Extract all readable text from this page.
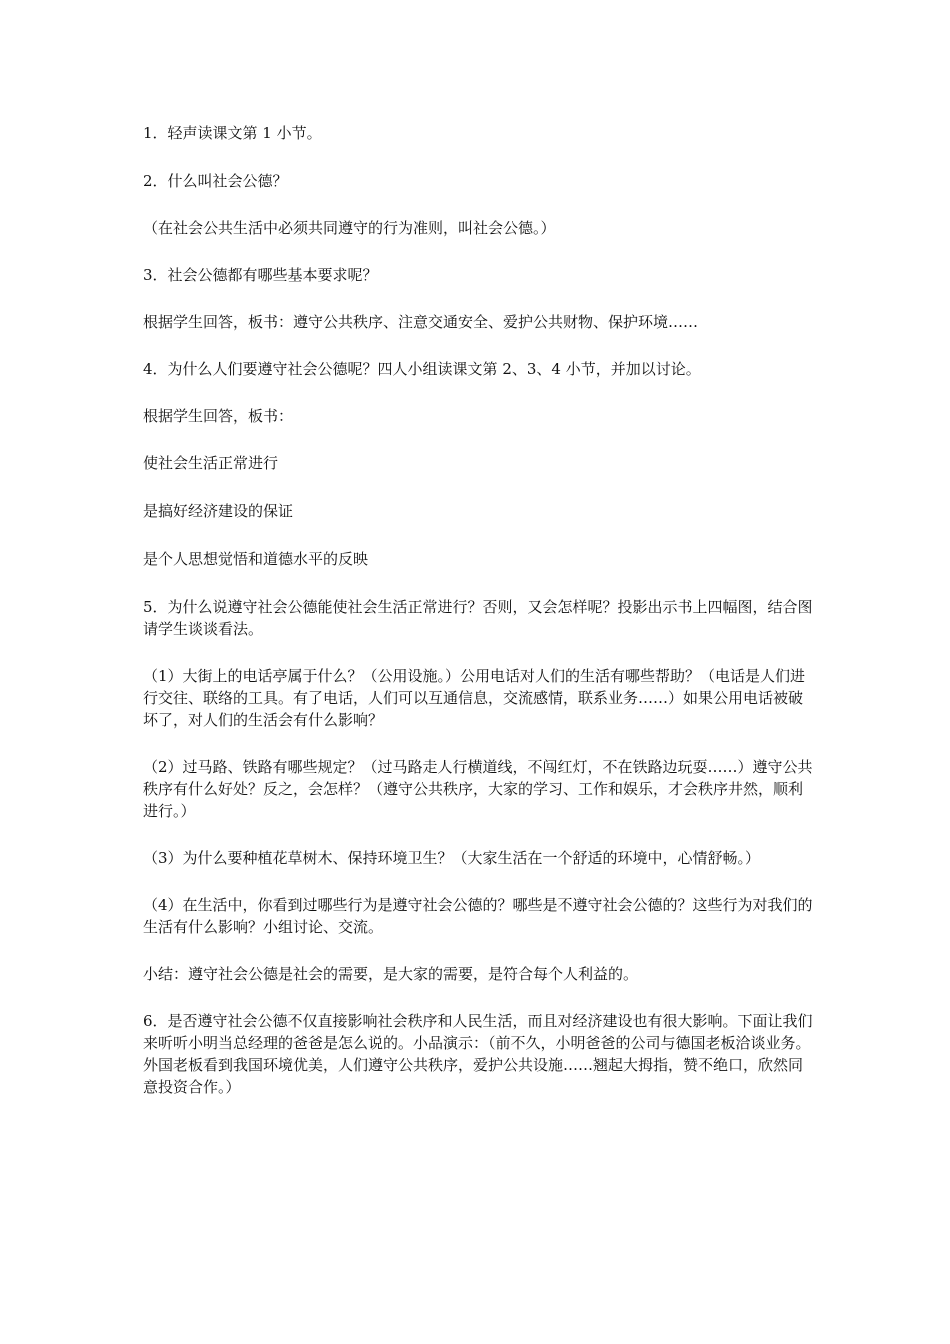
1．轻声读课文第 1 小节。

2．什么叫社会公德？

（在社会公共生活中必须共同遵守的行为准则，叫社会公德。）

3．社会公德都有哪些基本要求呢？

根据学生回答，板书：遵守公共秩序、注意交通安全、爱护公共财物、保护环境……

4．为什么人们要遵守社会公德呢？四人小组读课文第 2、3、4 小节，并加以讨论。

根据学生回答，板书：

使社会生活正常进行

是搞好经济建设的保证

是个人思想觉悟和道德水平的反映

5．为什么说遵守社会公德能使社会生活正常进行？否则，又会怎样呢？投影出示书上四幅图，结合图请学生谈谈看法。

（1）大街上的电话亭属于什么？（公用设施。）公用电话对人们的生活有哪些帮助？（电话是人们进行交往、联络的工具。有了电话，人们可以互通信息，交流感情，联系业务……）如果公用电话被破坏了，对人们的生活会有什么影响？

（2）过马路、铁路有哪些规定？（过马路走人行横道线，不闯红灯，不在铁路边玩耍……）遵守公共秩序有什么好处？反之，会怎样？（遵守公共秩序，大家的学习、工作和娱乐，才会秩序井然，顺利进行。）

（3）为什么要种植花草树木、保持环境卫生？（大家生活在一个舒适的环境中，心情舒畅。）

（4）在生活中，你看到过哪些行为是遵守社会公德的？哪些是不遵守社会公德的？这些行为对我们的生活有什么影响？小组讨论、交流。

小结：遵守社会公德是社会的需要，是大家的需要，是符合每个人利益的。

6．是否遵守社会公德不仅直接影响社会秩序和人民生活，而且对经济建设也有很大影响。下面让我们来听听小明当总经理的爸爸是怎么说的。小品演示：（前不久，小明爸爸的公司与德国老板洽谈业务。外国老板看到我国环境优美，人们遵守公共秩序，爱护公共设施……翘起大拇指，赞不绝口，欣然同意投资合作。）
